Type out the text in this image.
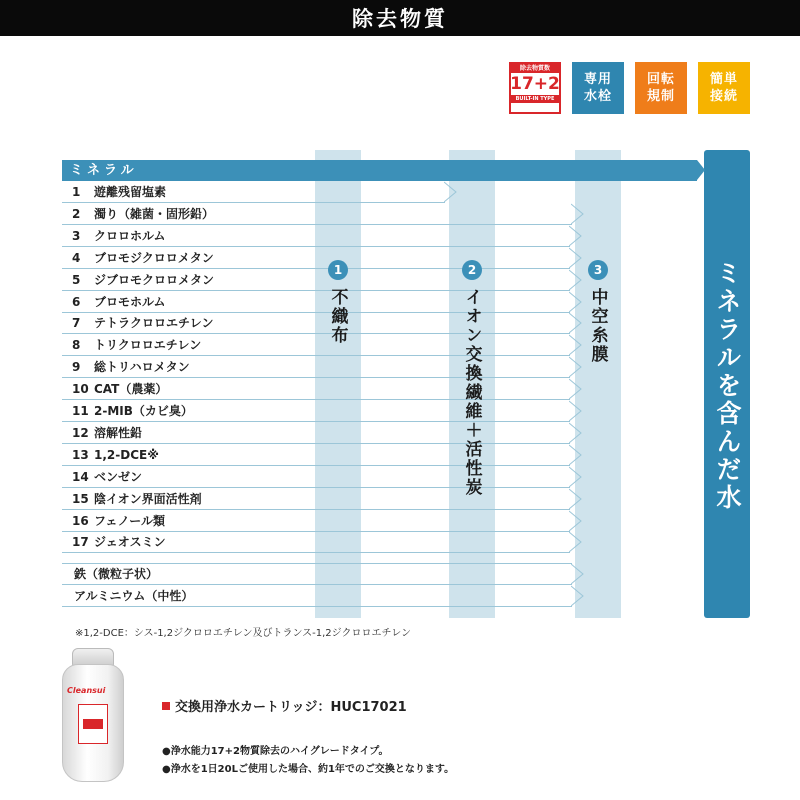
除去物質
除去物質数
17+2
BUILT-IN TYPE
専用
水栓
回転
規制
簡単
接続
ミネラル
1 遊離残留塩素
2 濁り（雑菌・固形鉛）
3 クロロホルム
4 ブロモジクロロメタン
5 ジブロモクロロメタン
6 ブロモホルム
7 テトラクロロエチレン
8 トリクロロエチレン
9 総トリハロメタン
10 CAT（農薬）
11 2-MIB（カビ臭）
12 溶解性鉛
13 1,2-DCE※
14 ベンゼン
15 陰イオン界面活性剤
16 フェノール類
17 ジェオスミン
鉄（微粒子状）
アルミニウム（中性）
1
不織布
2
イオン交換繊維＋活性炭
3
中空糸膜	ミネラルを含んだ水
※1,2-DCE：シス-1,2ジクロロエチレン及びトランス-1,2ジクロロエチレン
Cleansui
交換用浄水カートリッジ：HUC17021
●浄水能力17+2物質除去のハイグレードタイプ。
●浄水を1日20Lご使用した場合、約1年でのご交換となります。
